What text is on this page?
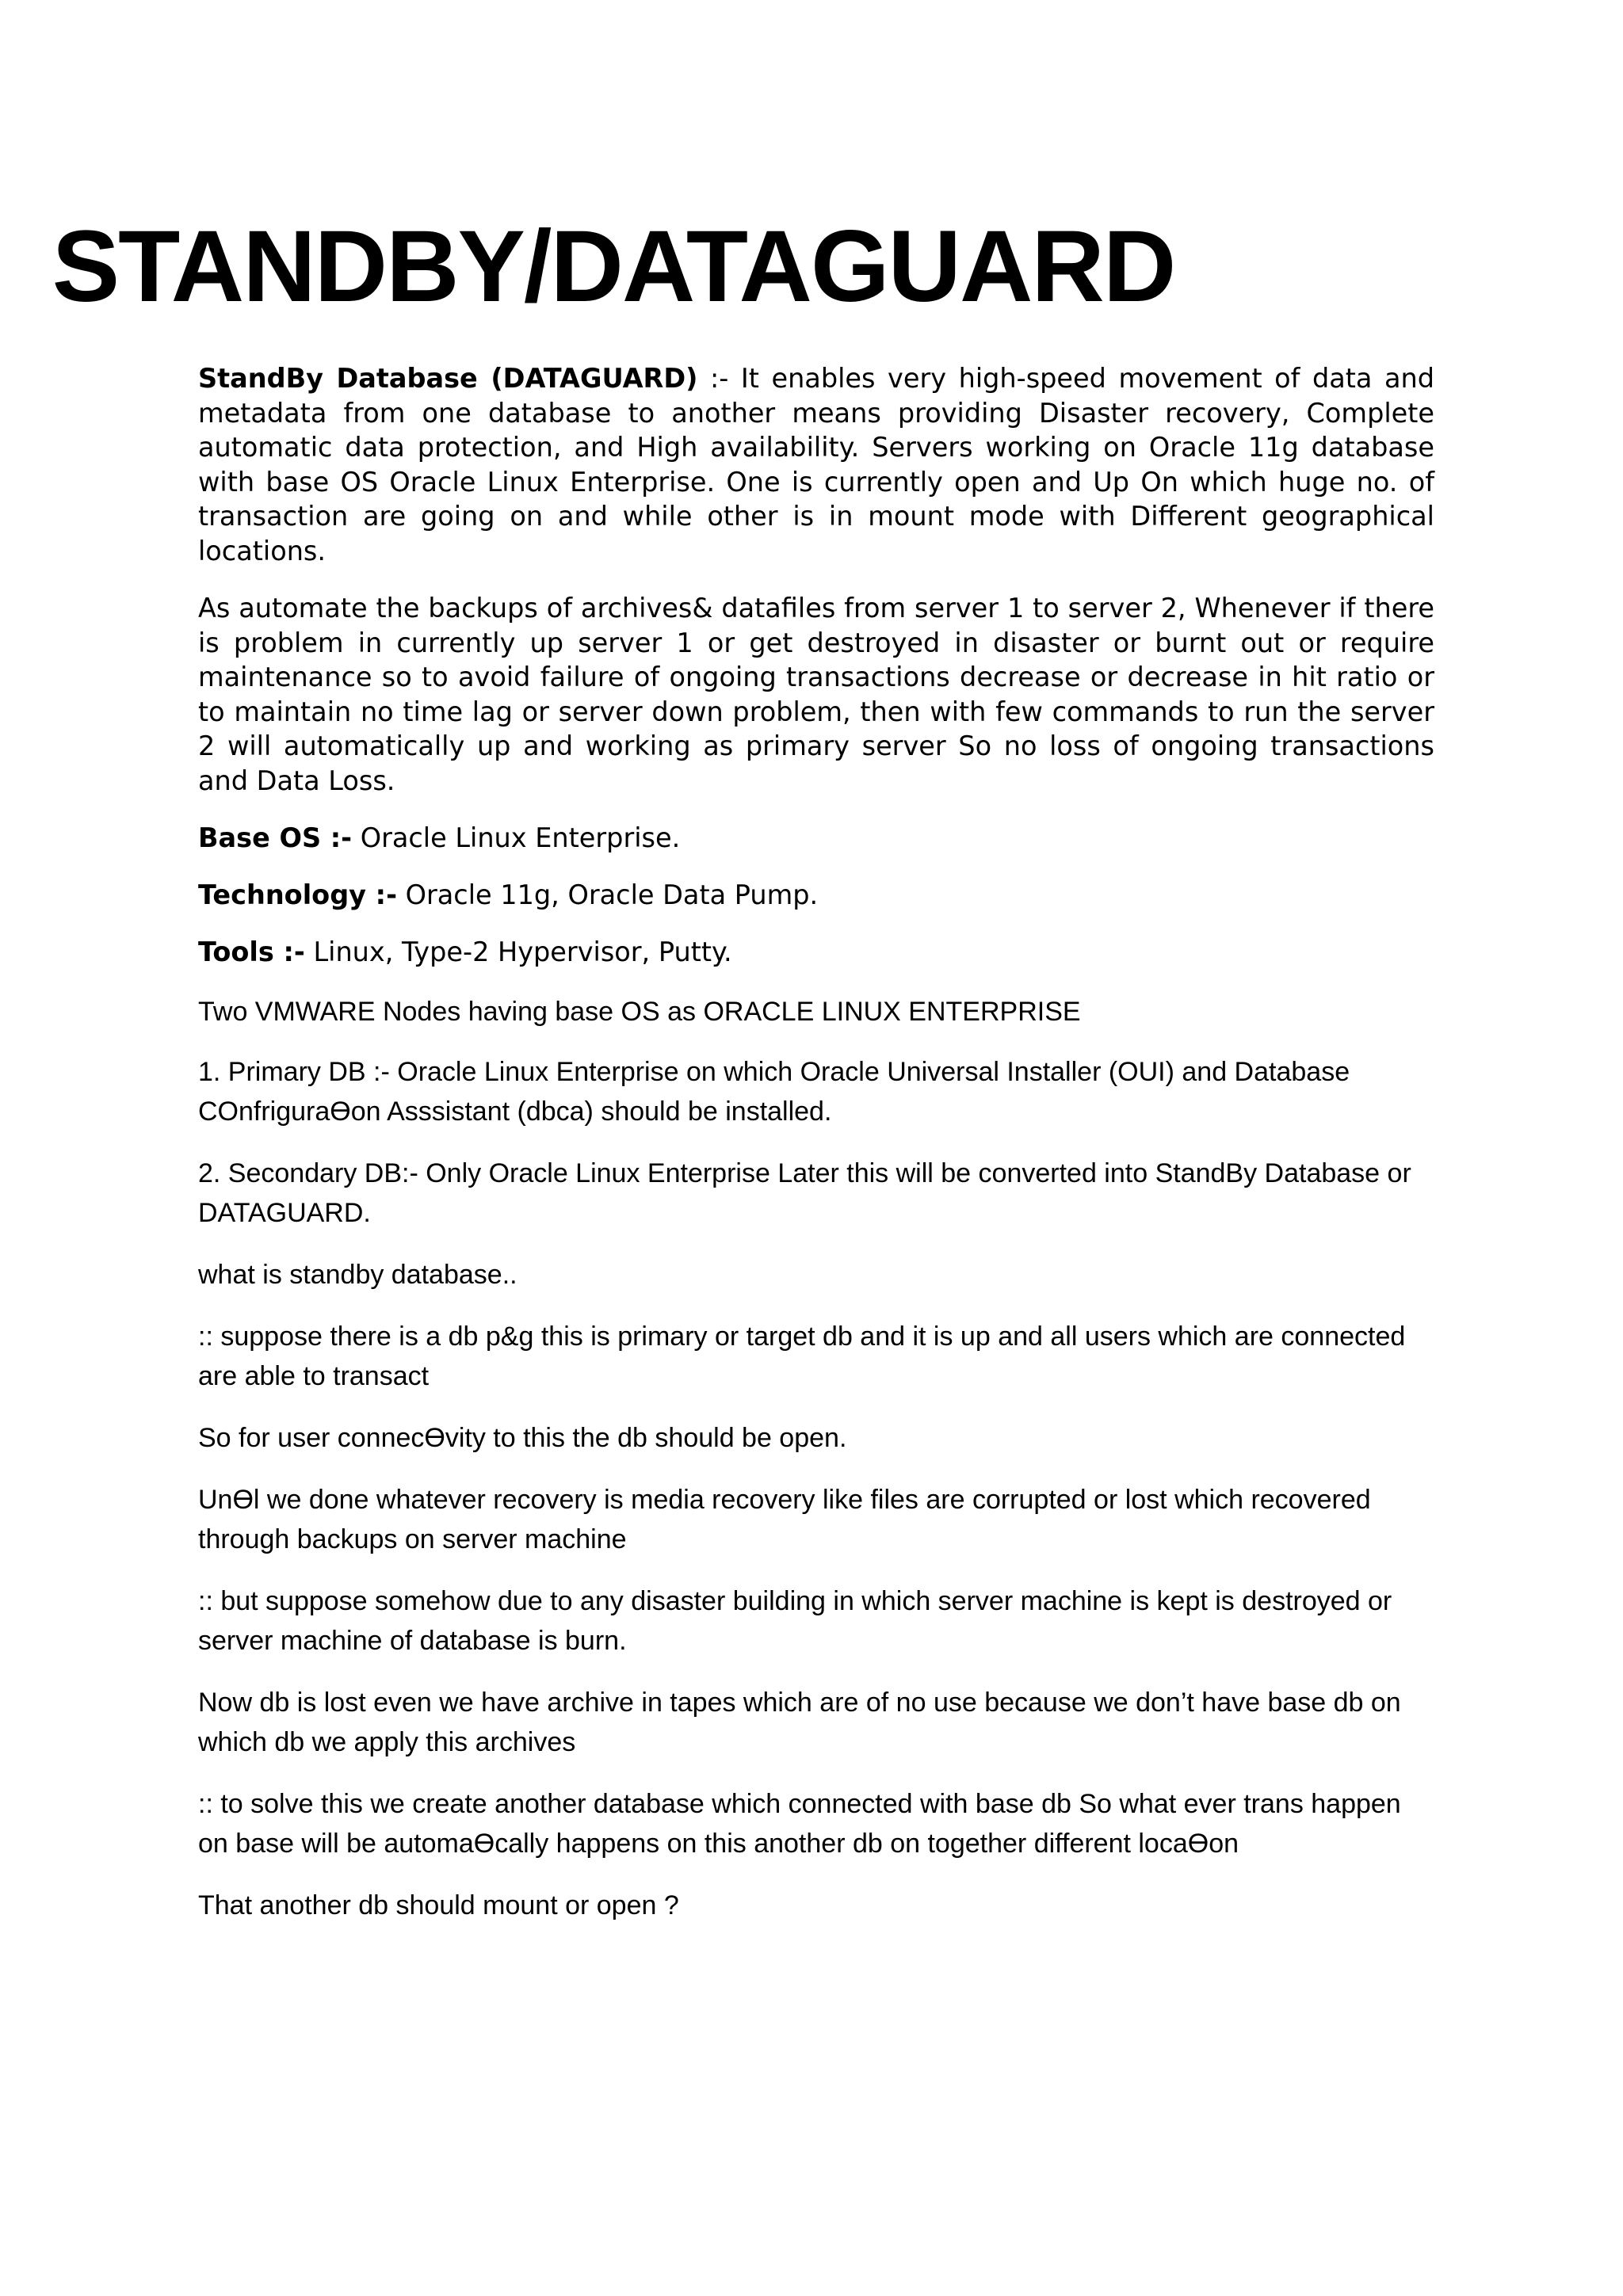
STANDBY/DATAGUARD

StandBy Database (DATAGUARD) :- It enables very high-speed movement of data and metadata from one database to another means providing Disaster recovery, Complete automatic data protection, and High availability. Servers working on Oracle 11g database with base OS Oracle Linux Enterprise. One is currently open and Up On which huge no. of transaction are going on and while other is in mount mode with Different geographical locations.

As automate the backups of archives& datafiles from server 1 to server 2, Whenever if there is problem in currently up server 1 or get destroyed in disaster or burnt out or require maintenance so to avoid failure of ongoing transactions decrease or decrease in hit ratio or to maintain no time lag or server down problem, then with few commands to run the server 2 will automatically up and working as primary server So no loss of ongoing transactions and Data Loss.

Base OS :- Oracle Linux Enterprise.

Technology :- Oracle 11g, Oracle Data Pump.

Tools :- Linux, Type-2 Hypervisor, Putty.

Two VMWARE Nodes having base OS as ORACLE LINUX ENTERPRISE

1. Primary DB :- Oracle Linux Enterprise on which Oracle Universal Installer (OUI) and Database COnfriguraƟon Asssistant (dbca) should be installed.

2. Secondary DB:- Only Oracle Linux Enterprise Later this will be converted into StandBy Database or DATAGUARD.

what is standby database..

:: suppose there is a db p&g this is primary or target db and it is up and all users which are connected are able to transact

So for user connecƟvity to this the db should be open.

UnƟl we done whatever recovery is media recovery like files are corrupted or lost which recovered through backups on server machine

:: but suppose somehow due to any disaster building in which server machine is kept is destroyed or server machine of database is burn.

Now db is lost even we have archive in tapes which are of no use because we don’t have base db on which db we apply this archives

:: to solve this we create another database which connected with base db So what ever trans happen on base will be automaƟcally happens on this another db on together different locaƟon

That another db should mount or open ?
